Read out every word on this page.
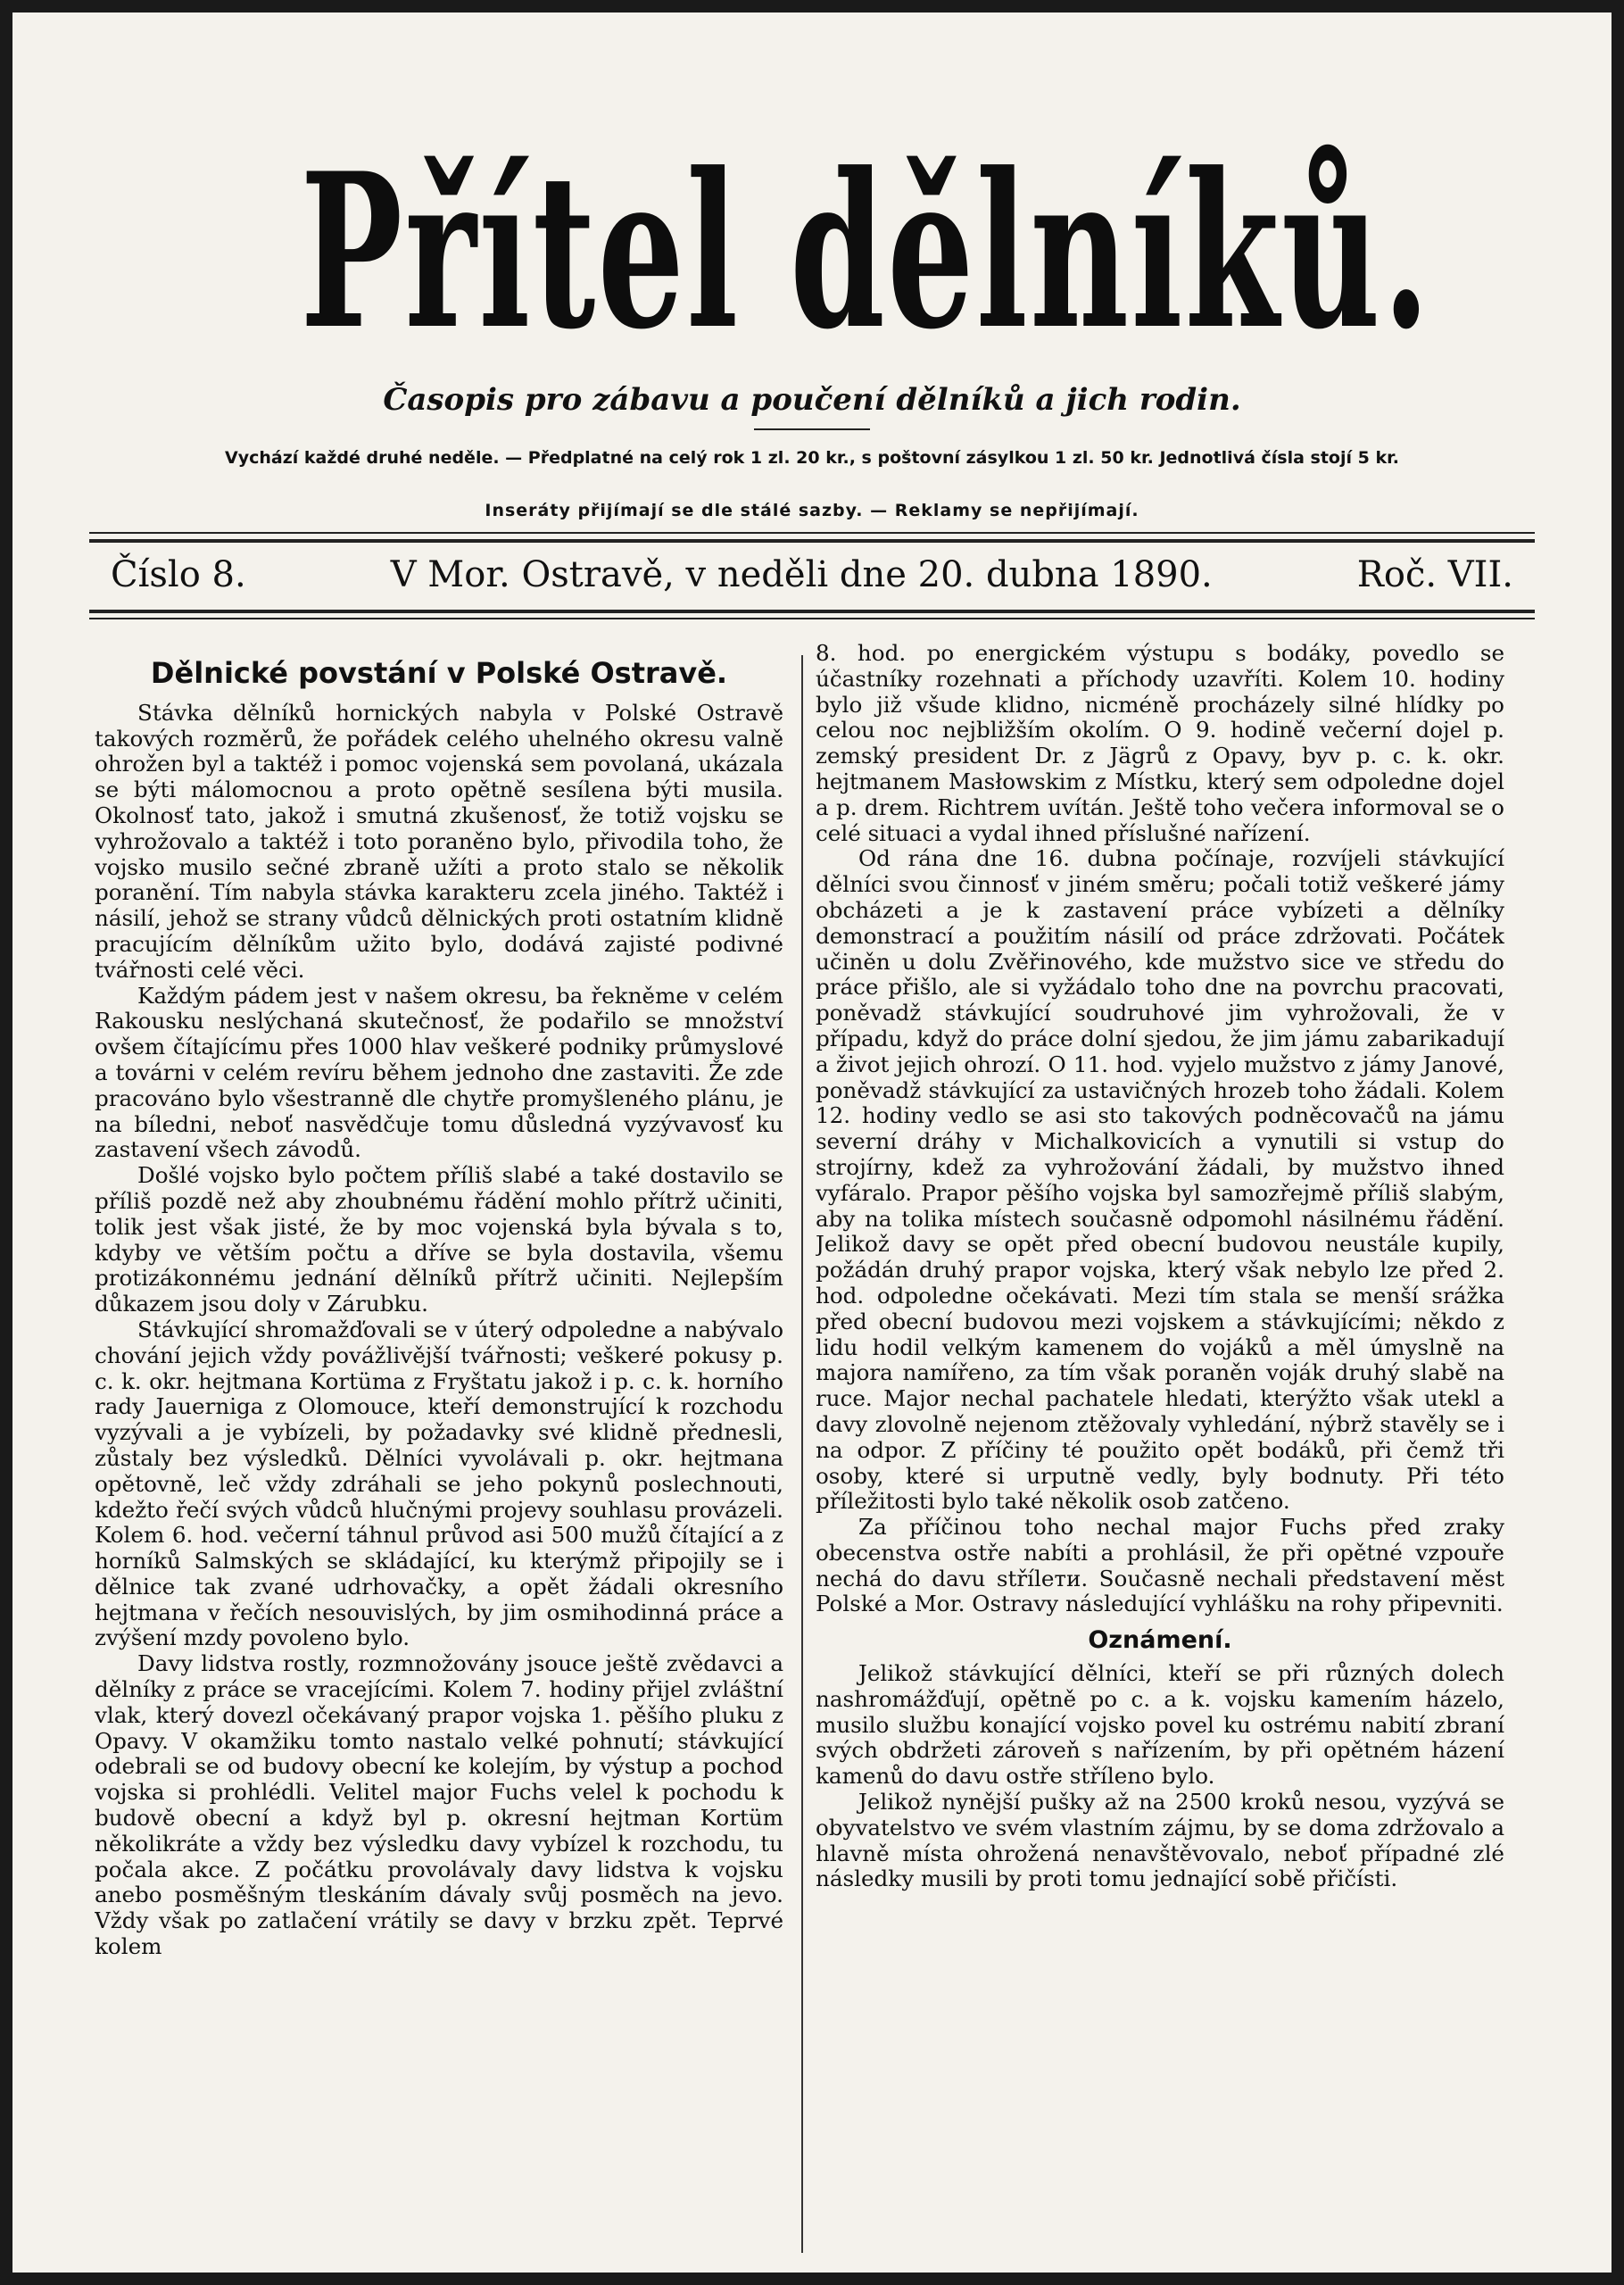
Přítel dělníků.
Časopis pro zábavu a poučení dělníků a jich rodin.
Vychází každé druhé neděle. — Předplatné na celý rok 1 zl. 20 kr., s poštovní zásylkou 1 zl. 50 kr. Jednotlivá čísla stojí 5 kr.
Inseráty přijímají se dle stálé sazby. — Reklamy se nepřijímají.
Číslo 8.	V Mor. Ostravě, v neděli dne 20. dubna 1890.	Roč. VII.
Dělnické povstání v Polské Ostravě.

Stávka dělníků hornických nabyla v Polské Ostravě takových rozměrů, že pořádek celého uhelného okresu valně ohrožen byl a taktéž i pomoc vojenská sem povolaná, ukázala se býti málomocnou a proto opětně sesílena býti musila. Okolnosť tato, jakož i smutná zkušenosť, že totiž vojsku se vyhrožovalo a taktéž i toto poraněno bylo, přivodila toho, že vojsko musilo sečné zbraně užíti a proto stalo se několik poranění. Tím nabyla stávka karakteru zcela jiného. Taktéž i násilí, jehož se strany vůdců dělnických proti ostatním klidně pracujícím dělníkům užito bylo, dodává zajisté podivné tvářnosti celé věci.

Každým pádem jest v našem okresu, ba řekněme v celém Rakousku neslýchaná skutečnosť, že podařilo se množství ovšem čítajícímu přes 1000 hlav veškeré podniky průmyslové a továrni v celém revíru během jednoho dne zastaviti. Že zde pracováno bylo všestranně dle chytře promyšleného plánu, je na bíledni, neboť nasvědčuje tomu důsledná vyzývavosť ku zastavení všech závodů.

Došlé vojsko bylo počtem příliš slabé a také dostavilo se příliš pozdě než aby zhoubnému řádění mohlo přítrž učiniti, tolik jest však jisté, že by moc vojenská byla bývala s to, kdyby ve větším počtu a dříve se byla dostavila, všemu protizákonnému jednání dělníků přítrž učiniti. Nejlepším důkazem jsou doly v Zárubku.

Stávkující shromažďovali se v úterý odpoledne a nabývalo chování jejich vždy povážlivější tvářnosti; veškeré pokusy p. c. k. okr. hejtmana Kortüma z Fryštatu jakož i p. c. k. horního rady Jauerniga z Olomouce, kteří demonstrující k rozchodu vyzývali a je vybízeli, by požadavky své klidně přednesli, zůstaly bez výsledků. Dělníci vyvolávali p. okr. hejtmana opětovně, leč vždy zdráhali se jeho pokynů poslechnouti, kdežto řečí svých vůdců hlučnými projevy souhlasu provázeli. Kolem 6. hod. večerní táhnul průvod asi 500 mužů čítající a z horníků Salmských se skládající, ku kterýmž připojily se i dělnice tak zvané udrhovačky, a opět žádali okresního hejtmana v řečích nesouvislých, by jim osmihodinná práce a zvýšení mzdy povoleno bylo.

Davy lidstva rostly, rozmnožovány jsouce ještě zvědavci a dělníky z práce se vracejícími. Kolem 7. hodiny přijel zvláštní vlak, který dovezl očekávaný prapor vojska 1. pěšího pluku z Opavy. V okamžiku tomto nastalo velké pohnutí; stávkující odebrali se od budovy obecní ke kolejím, by výstup a pochod vojska si prohlédli. Velitel major Fuchs velel k pochodu k budově obecní a když byl p. okresní hejtman Kortüm několikráte a vždy bez výsledku davy vybízel k rozchodu, tu počala akce. Z počátku provolávaly davy lidstva k vojsku anebo posměšným tleskáním dávaly svůj posměch na jevo. Vždy však po zatlačení vrátily se davy v brzku zpět. Teprvé kolem

8. hod. po energickém výstupu s bodáky, povedlo se účastníky rozehnati a příchody uzavříti. Kolem 10. hodiny bylo již všude klidno, nicméně procházely silné hlídky po celou noc nejbližším okolím. O 9. hodině večerní dojel p. zemský president Dr. z Jägrů z Opavy, byv p. c. k. okr. hejtmanem Masłowskim z Místku, který sem odpoledne dojel a p. drem. Richtrem uvítán. Ještě toho večera informoval se o celé situaci a vydal ihned příslušné nařízení.

Od rána dne 16. dubna počínaje, rozvíjeli stávkující dělníci svou činnosť v jiném směru; počali totiž veškeré jámy obcházeti a je k zastavení práce vybízeti a dělníky demonstrací a použitím násilí od práce zdržovati. Počátek učiněn u dolu Zvěřinového, kde mužstvo sice ve středu do práce přišlo, ale si vyžádalo toho dne na povrchu pracovati, poněvadž stávkující soudruhové jim vyhrožovali, že v případu, když do práce dolní sjedou, že jim jámu zabarikadují a život jejich ohrozí. O 11. hod. vyjelo mužstvo z jámy Janové, poněvadž stávkující za ustavičných hrozeb toho žádali. Kolem 12. hodiny vedlo se asi sto takových podněcovačů na jámu severní dráhy v Michalkovicích a vynutili si vstup do strojírny, kdež za vyhrožování žádali, by mužstvo ihned vyfáralo. Prapor pěšího vojska byl samozřejmě příliš slabým, aby na tolika místech současně odpomohl násilnému řádění. Jelikož davy se opět před obecní budovou neustále kupily, požádán druhý prapor vojska, který však nebylo lze před 2. hod. odpoledne očekávati. Mezi tím stala se menší srážka před obecní budovou mezi vojskem a stávkujícími; někdo z lidu hodil velkým kamenem do vojáků a měl úmyslně na majora namířeno, za tím však poraněn voják druhý slabě na ruce. Major nechal pachatele hledati, kterýžto však utekl a davy zlovolně nejenom ztěžovaly vyhledání, nýbrž stavěly se i na odpor. Z příčiny té použito opět bodáků, při čemž tři osoby, které si urputně vedly, byly bodnuty. Při této příležitosti bylo také několik osob zatčeno.

Za příčinou toho nechal major Fuchs před zraky obecenstva ostře nabíti a prohlásil, že při opětné vzpouře nechá do davu střílети. Současně nechali představení měst Polské a Mor. Ostravy následující vyhlášku na rohy připevniti.

Oznámení.

Jelikož stávkující dělníci, kteří se při různých dolech nashromážďují, opětně po c. a k. vojsku kamením házelo, musilo službu konající vojsko povel ku ostrému nabití zbraní svých obdržeti zároveň s nařízením, by při opětném házení kamenů do davu ostře stříleno bylo.

Jelikož nynější pušky až na 2500 kroků nesou, vyzývá se obyvatelstvo ve svém vlastním zájmu, by se doma zdržovalo a hlavně místa ohrožená nenavštěvovalo, neboť případné zlé následky musili by proti tomu jednající sobě přičísti.
